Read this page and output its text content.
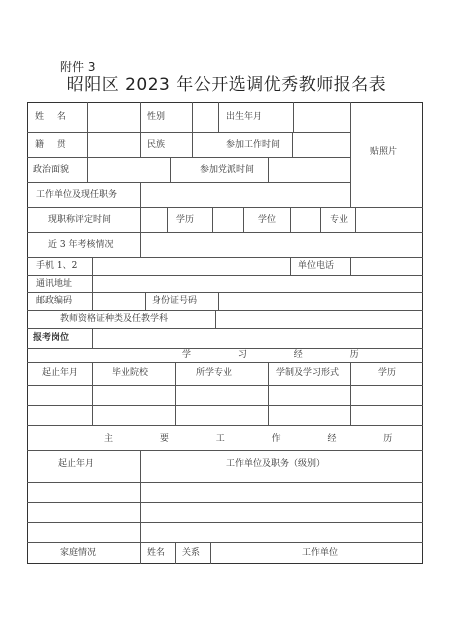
附件 3
昭阳区 2023 年公开选调优秀教师报名表
姓 名	性别	出生年月
贴照片
籍 贯	民族	参加工作时间
政治面貌	参加党派时间
工作单位及现任职务
现职称评定时间	学历	学位	专业
近 3 年考核情况
手机 1、2	单位电话
通讯地址
邮政编码	身份证号码
教师资格证种类及任教学科
报考岗位
学 习 经 历
起止年月	毕业院校	所学专业	学制及学习形式	学历
主 要 工 作 经 历
起止年月	工作单位及职务（级别）
家庭情况	姓名 关系	工作单位
